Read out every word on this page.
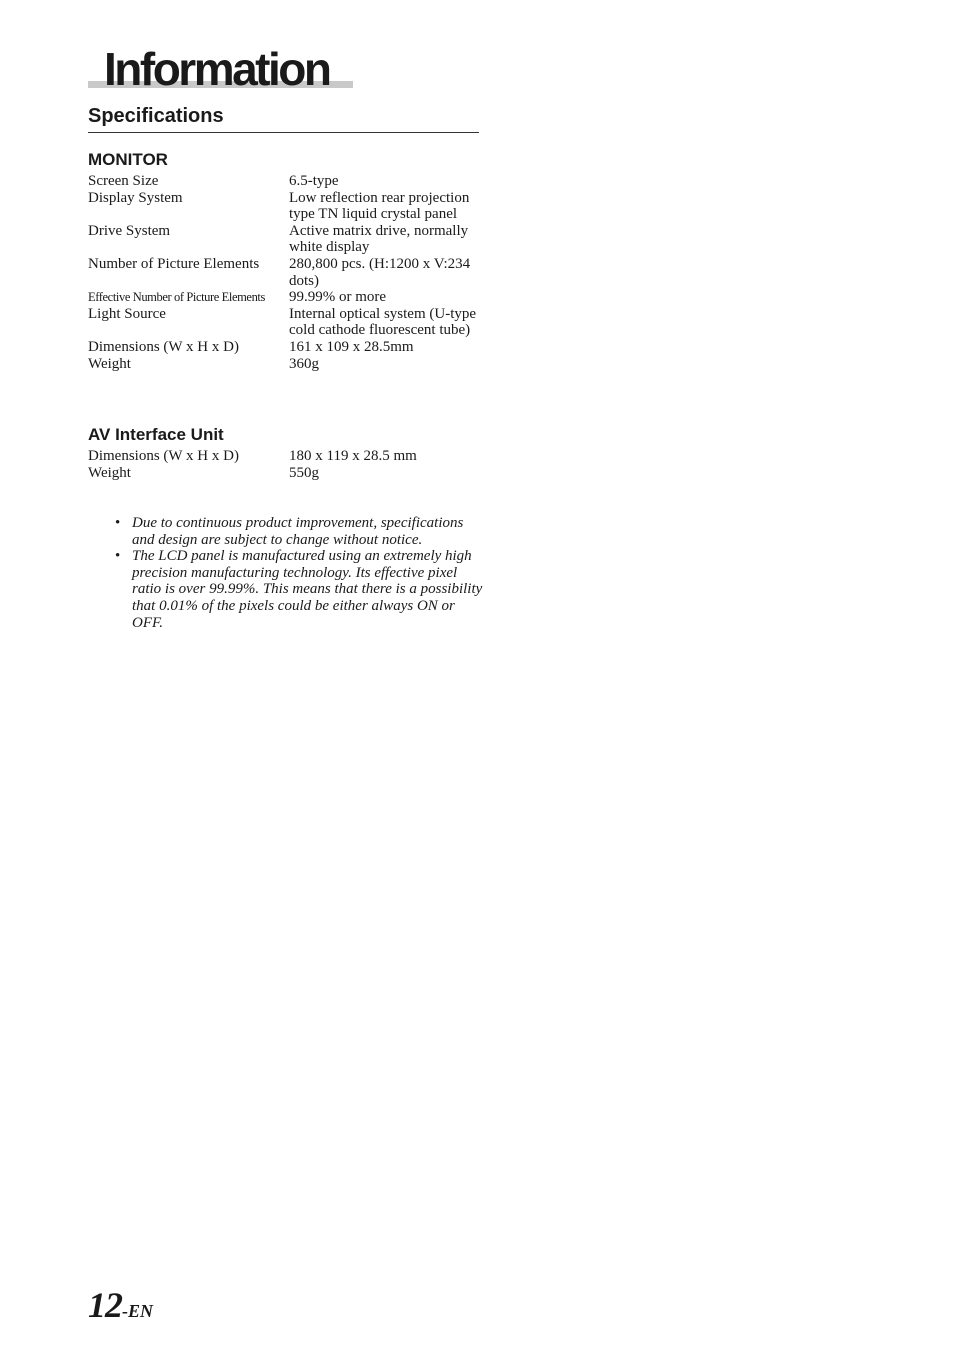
Information
Specifications
MONITOR
Screen Size	6.5-type
Display System	Low reflection rear projection type TN liquid crystal panel
Drive System	Active matrix drive, normally white display
Number of Picture Elements	280,800 pcs. (H:1200 x V:234 dots)
Effective Number of Picture Elements	99.99% or more
Light Source	Internal optical system (U-type cold cathode fluorescent tube)
Dimensions (W x H x D)	161 x 109 x 28.5mm
Weight	360g
AV Interface Unit
Dimensions (W x H x D)	180 x 119 x 28.5 mm
Weight	550g
• Due to continuous product improvement, specifications and design are subject to change without notice.
• The LCD panel is manufactured using an extremely high precision manufacturing technology. Its effective pixel ratio is over 99.99%. This means that there is a possibility that 0.01% of the pixels could be either always ON or OFF.
12-EN
